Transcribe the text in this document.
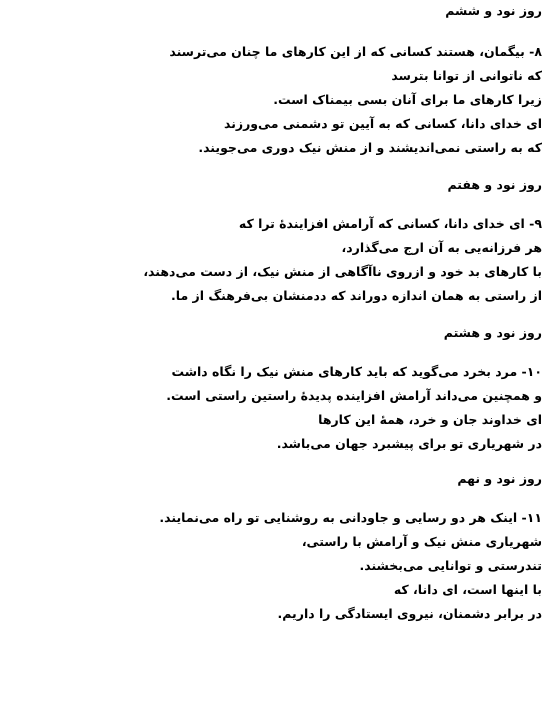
روز نود و ششم
۸- بیگمان، هستند کسانی که از این کارهای ما چنان می‌ترسند
که ناتوانی از توانا بترسد
زیرا کارهای ما برای آنان بسی بیمناک است.
ای خدای دانا، کسانی که به آیین تو دشمنی می‌ورزند
که به راستی نمی‌اندیشند و از منش نیک دوری می‌جویند.
روز نود و هفتم
۹- ای خدای دانا، کسانی که آرامش افزایندهٔ ترا که
هر فرزانه‌یی به آن ارج می‌گذارد،
با کارهای بد خود و ازروی ناآگاهی از منش نیک، از دست می‌دهند،
از راستی به همان اندازه دوراند که ددمنشان بی‌فرهنگ از ما.
روز نود و هشتم
۱۰- مرد بخرد می‌گوید که باید کارهای منش نیک را نگاه داشت
و همچنین می‌داند آرامش افزاینده پدیدهٔ راستین راستی است.
ای خداوند جان و خرد، همهٔ این کارها
در شهریاری تو برای پیشبرد جهان می‌باشد.
روز نود و نهم
۱۱- اینک هر دو رسایی و جاودانی به روشنایی تو راه می‌نمایند.
شهریاری منش نیک و آرامش با راستی،
تندرستی و توانایی می‌بخشند.
با اینها است، ای دانا، که
در برابر دشمنان، نیروی ایستادگی را داریم.
